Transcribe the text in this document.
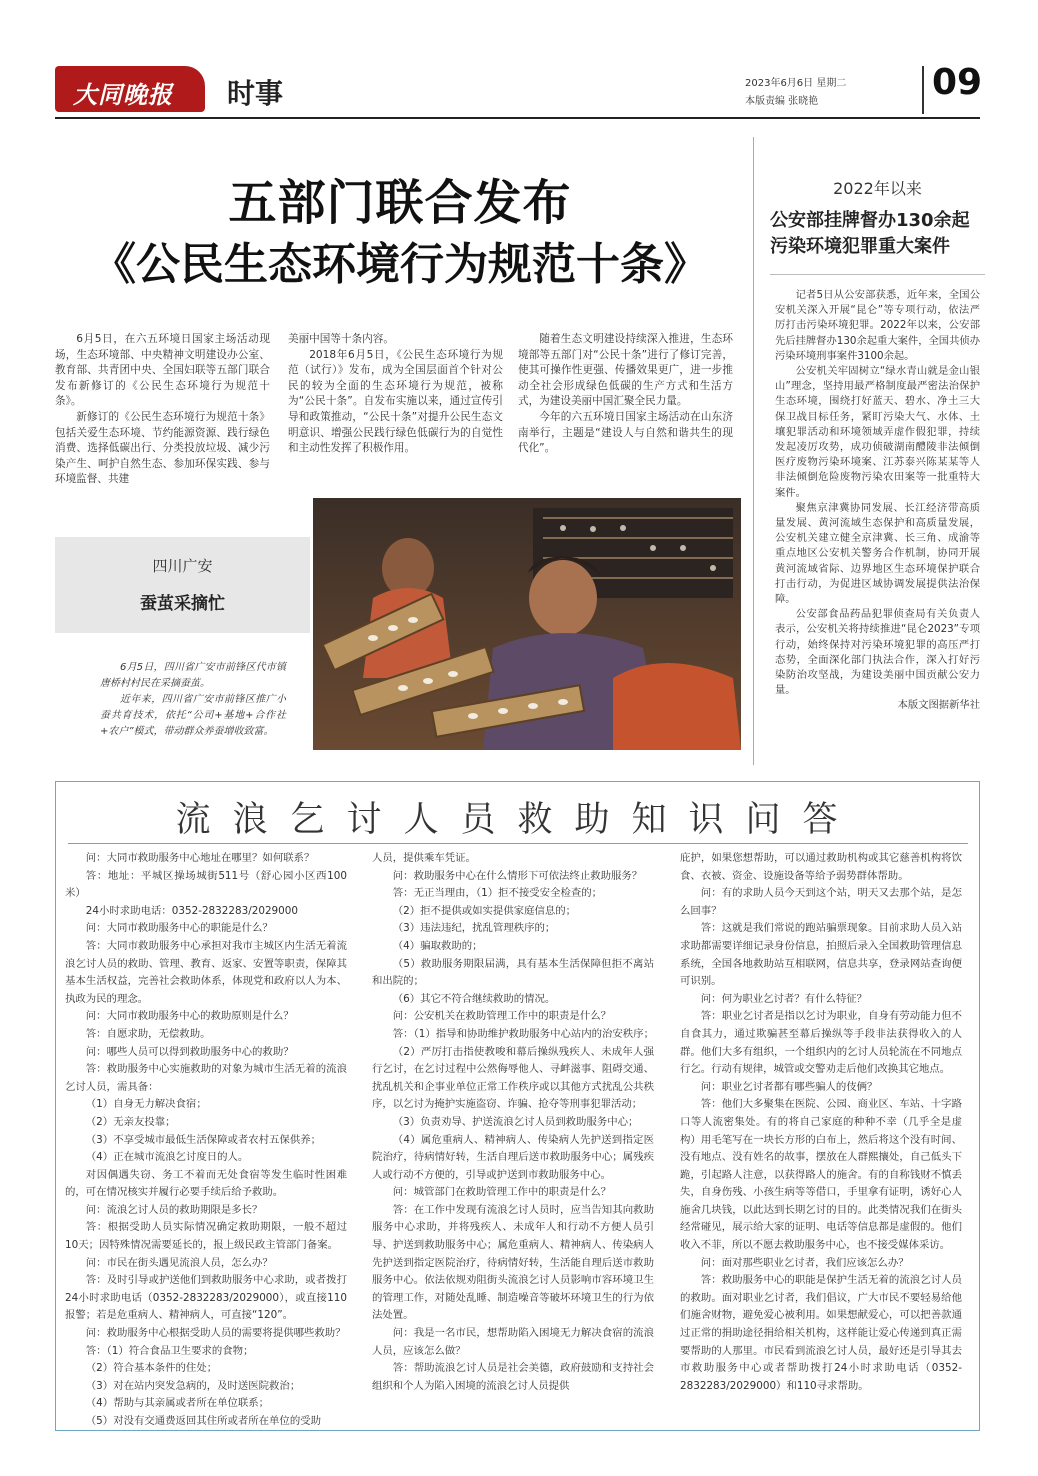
大同晚报 时事	2023年6月6日 星期二
本版责编 张晓艳	09
五部门联合发布
《公民生态环境行为规范十条》

6月5日，在六五环境日国家主场活动现场，生态环境部、中央精神文明建设办公室、教育部、共青团中央、全国妇联等五部门联合发布新修订的《公民生态环境行为规范十条》。

新修订的《公民生态环境行为规范十条》包括关爱生态环境、节约能源资源、践行绿色消费、选择低碳出行、分类投放垃圾、减少污染产生、呵护自然生态、参加环保实践、参与环境监督、共建

美丽中国等十条内容。

2018年6月5日，《公民生态环境行为规范（试行）》发布，成为全国层面首个针对公民的较为全面的生态环境行为规范，被称为“公民十条”。自发布实施以来，通过宣传引导和政策推动，“公民十条”对提升公民生态文明意识、增强公民践行绿色低碳行为的自觉性和主动性发挥了积极作用。

随着生态文明建设持续深入推进，生态环境部等五部门对“公民十条”进行了修订完善，使其可操作性更强、传播效果更广，进一步推动全社会形成绿色低碳的生产方式和生活方式，为建设美丽中国汇聚全民力量。

今年的六五环境日国家主场活动在山东济南举行，主题是“建设人与自然和谐共生的现代化”。

2022年以来
公安部挂牌督办130余起污染环境犯罪重大案件

记者5日从公安部获悉，近年来，全国公安机关深入开展“昆仑”等专项行动，依法严厉打击污染环境犯罪。2022年以来，公安部先后挂牌督办130余起重大案件，全国共侦办污染环境刑事案件3100余起。

公安机关牢固树立“绿水青山就是金山银山”理念，坚持用最严格制度最严密法治保护生态环境，围绕打好蓝天、碧水、净土三大保卫战目标任务，紧盯污染大气、水体、土壤犯罪活动和环境领域弄虚作假犯罪，持续发起凌厉攻势，成功侦破湖南醴陵非法倾倒医疗废物污染环境案、江苏泰兴陈某某等人非法倾倒危险废物污染农田案等一批重特大案件。

聚焦京津冀协同发展、长江经济带高质量发展、黄河流域生态保护和高质量发展，公安机关建立健全京津冀、长三角、成渝等重点地区公安机关警务合作机制，协同开展黄河流域省际、边界地区生态环境保护联合打击行动，为促进区域协调发展提供法治保障。

公安部食品药品犯罪侦查局有关负责人表示，公安机关将持续推进“昆仑2023”专项行动，始终保持对污染环境犯罪的高压严打态势，全面深化部门执法合作，深入打好污染防治攻坚战，为建设美丽中国贡献公安力量。

本版文图据新华社

四川广安
蚕茧采摘忙

6月5日，四川省广安市前锋区代市镇唐桥村村民在采摘蚕茧。

近年来，四川省广安市前锋区推广小蚕共育技术，依托“公司+基地+合作社+农户”模式，带动群众养蚕增收致富。

流浪乞讨人员救助知识问答

问：大同市救助服务中心地址在哪里？如何联系？

答：地址：平城区操场城街511号（舒心园小区西100米）

24小时求助电话：0352-2832283/2029000

问：大同市救助服务中心的职能是什么？

答：大同市救助服务中心承担对我市主城区内生活无着流浪乞讨人员的救助、管理、教育、返家、安置等职责，保障其基本生活权益，完善社会救助体系，体现党和政府以人为本、执政为民的理念。

问：大同市救助服务中心的救助原则是什么？

答：自愿求助，无偿救助。

问：哪些人员可以得到救助服务中心的救助？

答：救助服务中心实施救助的对象为城市生活无着的流浪乞讨人员，需具备：

（1）自身无力解决食宿；

（2）无亲友投靠；

（3）不享受城市最低生活保障或者农村五保供养；

（4）正在城市流浪乞讨度日的人。

对因偶遇失窃、务工不着而无处食宿等发生临时性困难的，可在情况核实并履行必要手续后给予救助。

问：流浪乞讨人员的救助期限是多长？

答：根据受助人员实际情况确定救助期限，一般不超过10天；因特殊情况需要延长的，报上级民政主管部门备案。

问：市民在街头遇见流浪人员，怎么办？

答：及时引导或护送他们到救助服务中心求助，或者拨打24小时求助电话（0352-2832283/2029000），或直接110报警；若是危重病人、精神病人，可直接“120”。

问：救助服务中心根据受助人员的需要将提供哪些救助？

答：（1）符合食品卫生要求的食物；

（2）符合基本条件的住处；

（3）对在站内突发急病的，及时送医院救治；

（4）帮助与其亲属或者所在单位联系；

（5）对没有交通费返回其住所或者所在单位的受助

人员，提供乘车凭证。

问：救助服务中心在什么情形下可依法终止救助服务？

答：无正当理由，（1）拒不接受安全检查的；

（2）拒不提供或如实提供家庭信息的；

（3）违法违纪，扰乱管理秩序的；

（4）骗取救助的；

（5）救助服务期限届满，具有基本生活保障但拒不离站和出院的；

（6）其它不符合继续救助的情况。

问：公安机关在救助管理工作中的职责是什么？

答：（1）指导和协助维护救助服务中心站内的治安秩序；

（2）严厉打击指使教唆和幕后操纵残疾人、未成年人强行乞讨，在乞讨过程中公然侮辱他人、寻衅滋事、阻碍交通、扰乱机关和企事业单位正常工作秩序或以其他方式扰乱公共秩序，以乞讨为掩护实施盗窃、诈骗、抢夺等刑事犯罪活动；

（3）负责劝导、护送流浪乞讨人员到救助服务中心；

（4）属危重病人、精神病人、传染病人先护送到指定医院治疗，待病情好转，生活自理后送市救助服务中心；属残疾人或行动不方便的，引导或护送到市救助服务中心。

问：城管部门在救助管理工作中的职责是什么？

答：在工作中发现有流浪乞讨人员时，应当告知其向救助服务中心求助，并将残疾人、未成年人和行动不方便人员引导、护送到救助服务中心；属危重病人、精神病人、传染病人先护送到指定医院治疗，待病情好转，生活能自理后送市救助服务中心。依法依规劝阻街头流浪乞讨人员影响市容环境卫生的管理工作，对随处乱睡、制造噪音等破坏环境卫生的行为依法处置。

问：我是一名市民，想帮助陷入困境无力解决食宿的流浪人员，应该怎么做？

答：帮助流浪乞讨人员是社会美德，政府鼓励和支持社会组织和个人为陷入困境的流浪乞讨人员提供

庇护，如果您想帮助，可以通过救助机构或其它慈善机构将饮食、衣被、资金、设施设备等给予弱势群体帮助。

问：有的求助人员今天到这个站，明天又去那个站，是怎么回事？

答：这就是我们常说的跑站骗票现象。目前求助人员入站求助都需要详细记录身份信息，拍照后录入全国救助管理信息系统，全国各地救助站互相联网，信息共享，登录网站查询便可识别。

问：何为职业乞讨者？有什么特征？

答：职业乞讨者是指以乞讨为职业，自身有劳动能力但不自食其力，通过欺骗甚至幕后操纵等手段非法获得收入的人群。他们大多有组织，一个组织内的乞讨人员轮流在不同地点行乞。行动有规律，城管或交警劝走后他们改换其它地点。

问：职业乞讨者都有哪些骗人的伎俩？

答：他们大多聚集在医院、公园、商业区、车站、十字路口等人流密集处。有的将自己家庭的种种不幸（几乎全是虚构）用毛笔写在一块长方形的白布上，然后将这个没有时间、没有地点、没有姓名的故事，摆放在人群熙攘处，自己低头下跪，引起路人注意，以获得路人的施舍。有的自称钱财不慎丢失，自身伤残、小孩生病等等借口，手里拿有证明，诱好心人施舍几块钱，以此达到长期乞讨的目的。此类情况我们在街头经常碰见，展示给大家的证明、电话等信息都是虚假的。他们收入不菲，所以不愿去救助服务中心，也不接受媒体采访。

问：面对那些职业乞讨者，我们应该怎么办？

答：救助服务中心的职能是保护生活无着的流浪乞讨人员的救助。面对职业乞讨者，我们倡议，广大市民不要轻易给他们施舍财物，避免爱心被利用。如果想献爱心，可以把善款通过正常的捐助途径捐给相关机构，这样能让爱心传递到真正需要帮助的人那里。市民看到流浪乞讨人员，最好还是引导其去市救助服务中心或者帮助拨打24小时求助电话（0352-2832283/2029000）和110寻求帮助。
